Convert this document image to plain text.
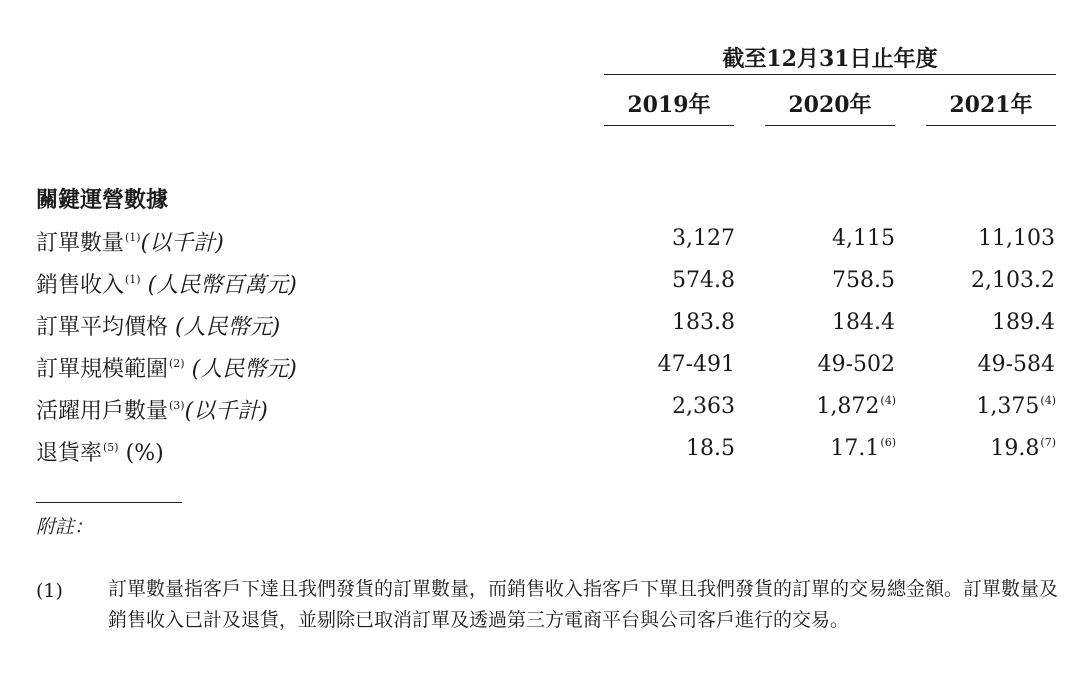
截至12月31日止年度
2019年	2020年	2021年
關鍵運營數據
訂單數量$^{(1)}$(以千計)	3,127	4,115	11,103
銷售收入$^{(1)}$ (人民幣百萬元)	574.8	758.5	2,103.2
訂單平均價格 (人民幣元)	183.8	184.4	189.4
訂單規模範圍$^{(2)}$ (人民幣元)	47-491	49-502	49-584
活躍用戶數量$^{(3)}$(以千計)	2,363	1,872$^{(4)}$	1,375$^{(4)}$
退貨率$^{(5)}$ (%)	18.5	17.1$^{(6)}$	19.8$^{(7)}$
附註：
(1) 訂單數量指客戶下達且我們發貨的訂單數量，而銷售收入指客戶下單且我們發貨的訂單的交易總金額。訂單數量及銷售收入已計及退貨，並剔除已取消訂單及透過第三方電商平台與公司客戶進行的交易。
